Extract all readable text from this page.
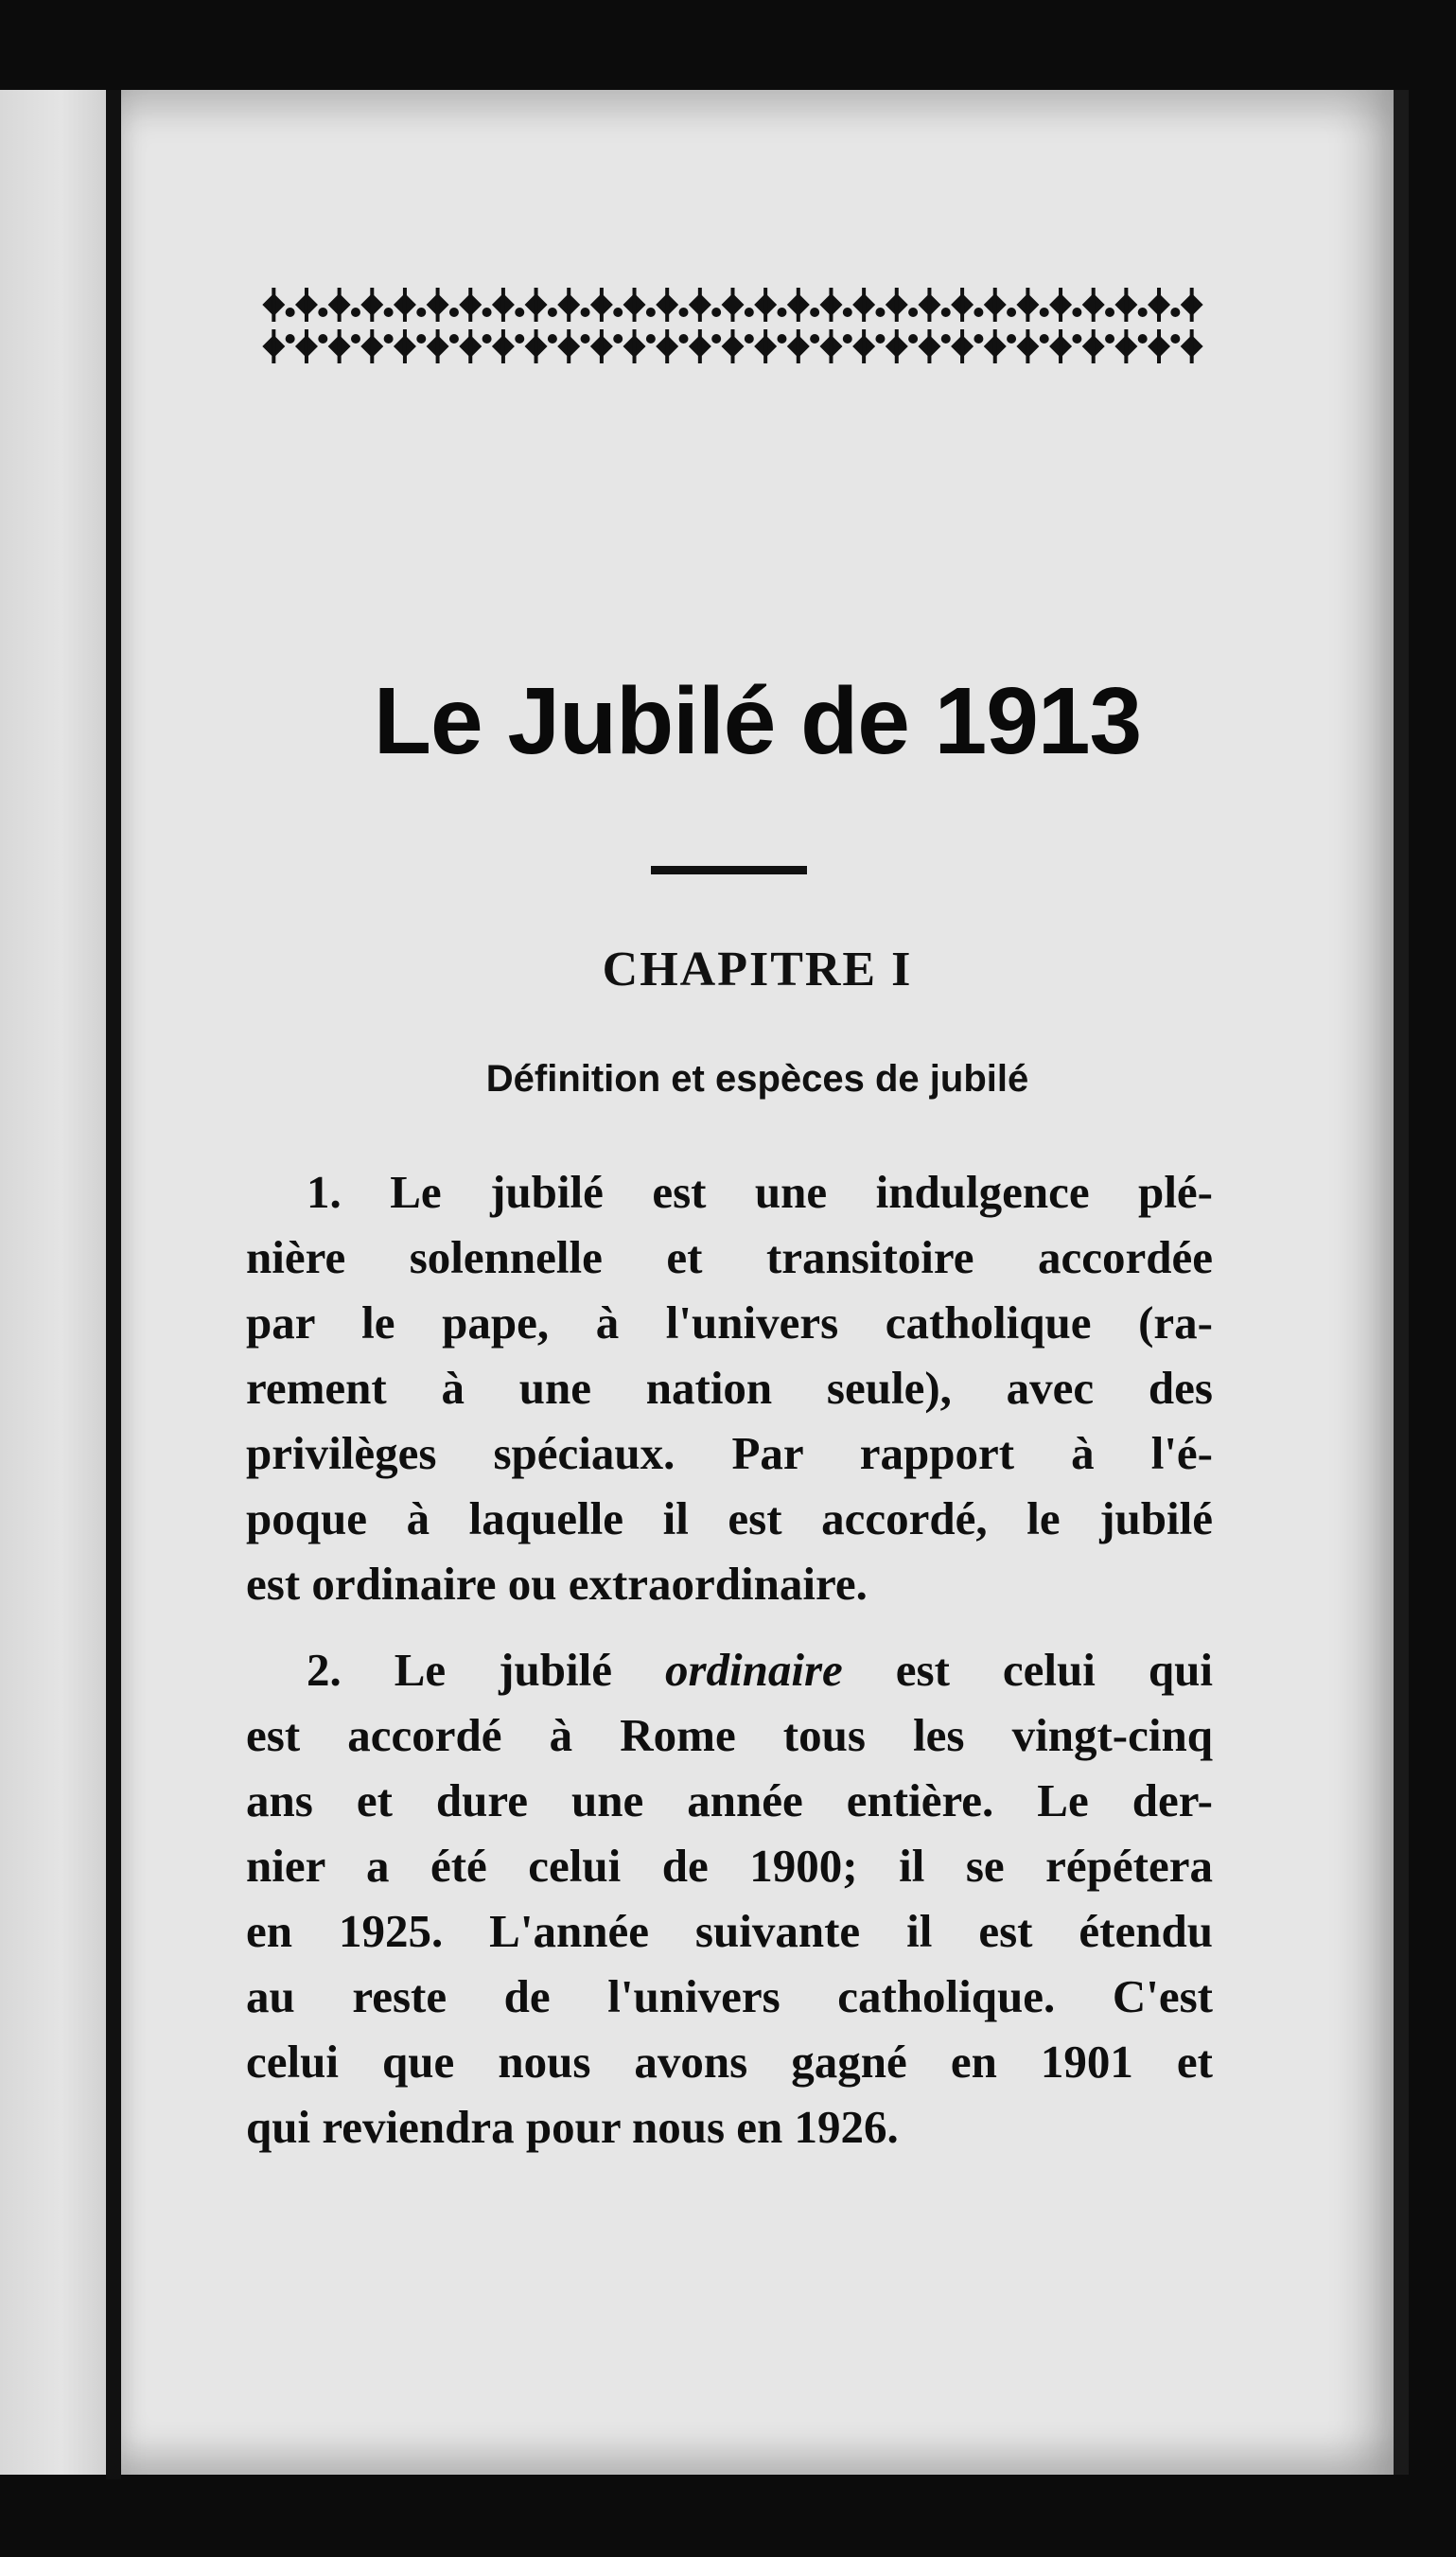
Le Jubilé de 1913
CHAPITRE I
Définition et espèces de jubilé
1. Le jubilé est une indulgence plé-
nière solennelle et transitoire accordée
par le pape, à l'univers catholique (ra-
rement à une nation seule), avec des
privilèges spéciaux. Par rapport à l'é-
poque à laquelle il est accordé, le jubilé
est ordinaire ou extraordinaire.
2. Le jubilé ordinaire est celui qui
est accordé à Rome tous les vingt-cinq
ans et dure une année entière. Le der-
nier a été celui de 1900; il se répétera
en 1925. L'année suivante il est étendu
au reste de l'univers catholique. C'est
celui que nous avons gagné en 1901 et
qui reviendra pour nous en 1926.
